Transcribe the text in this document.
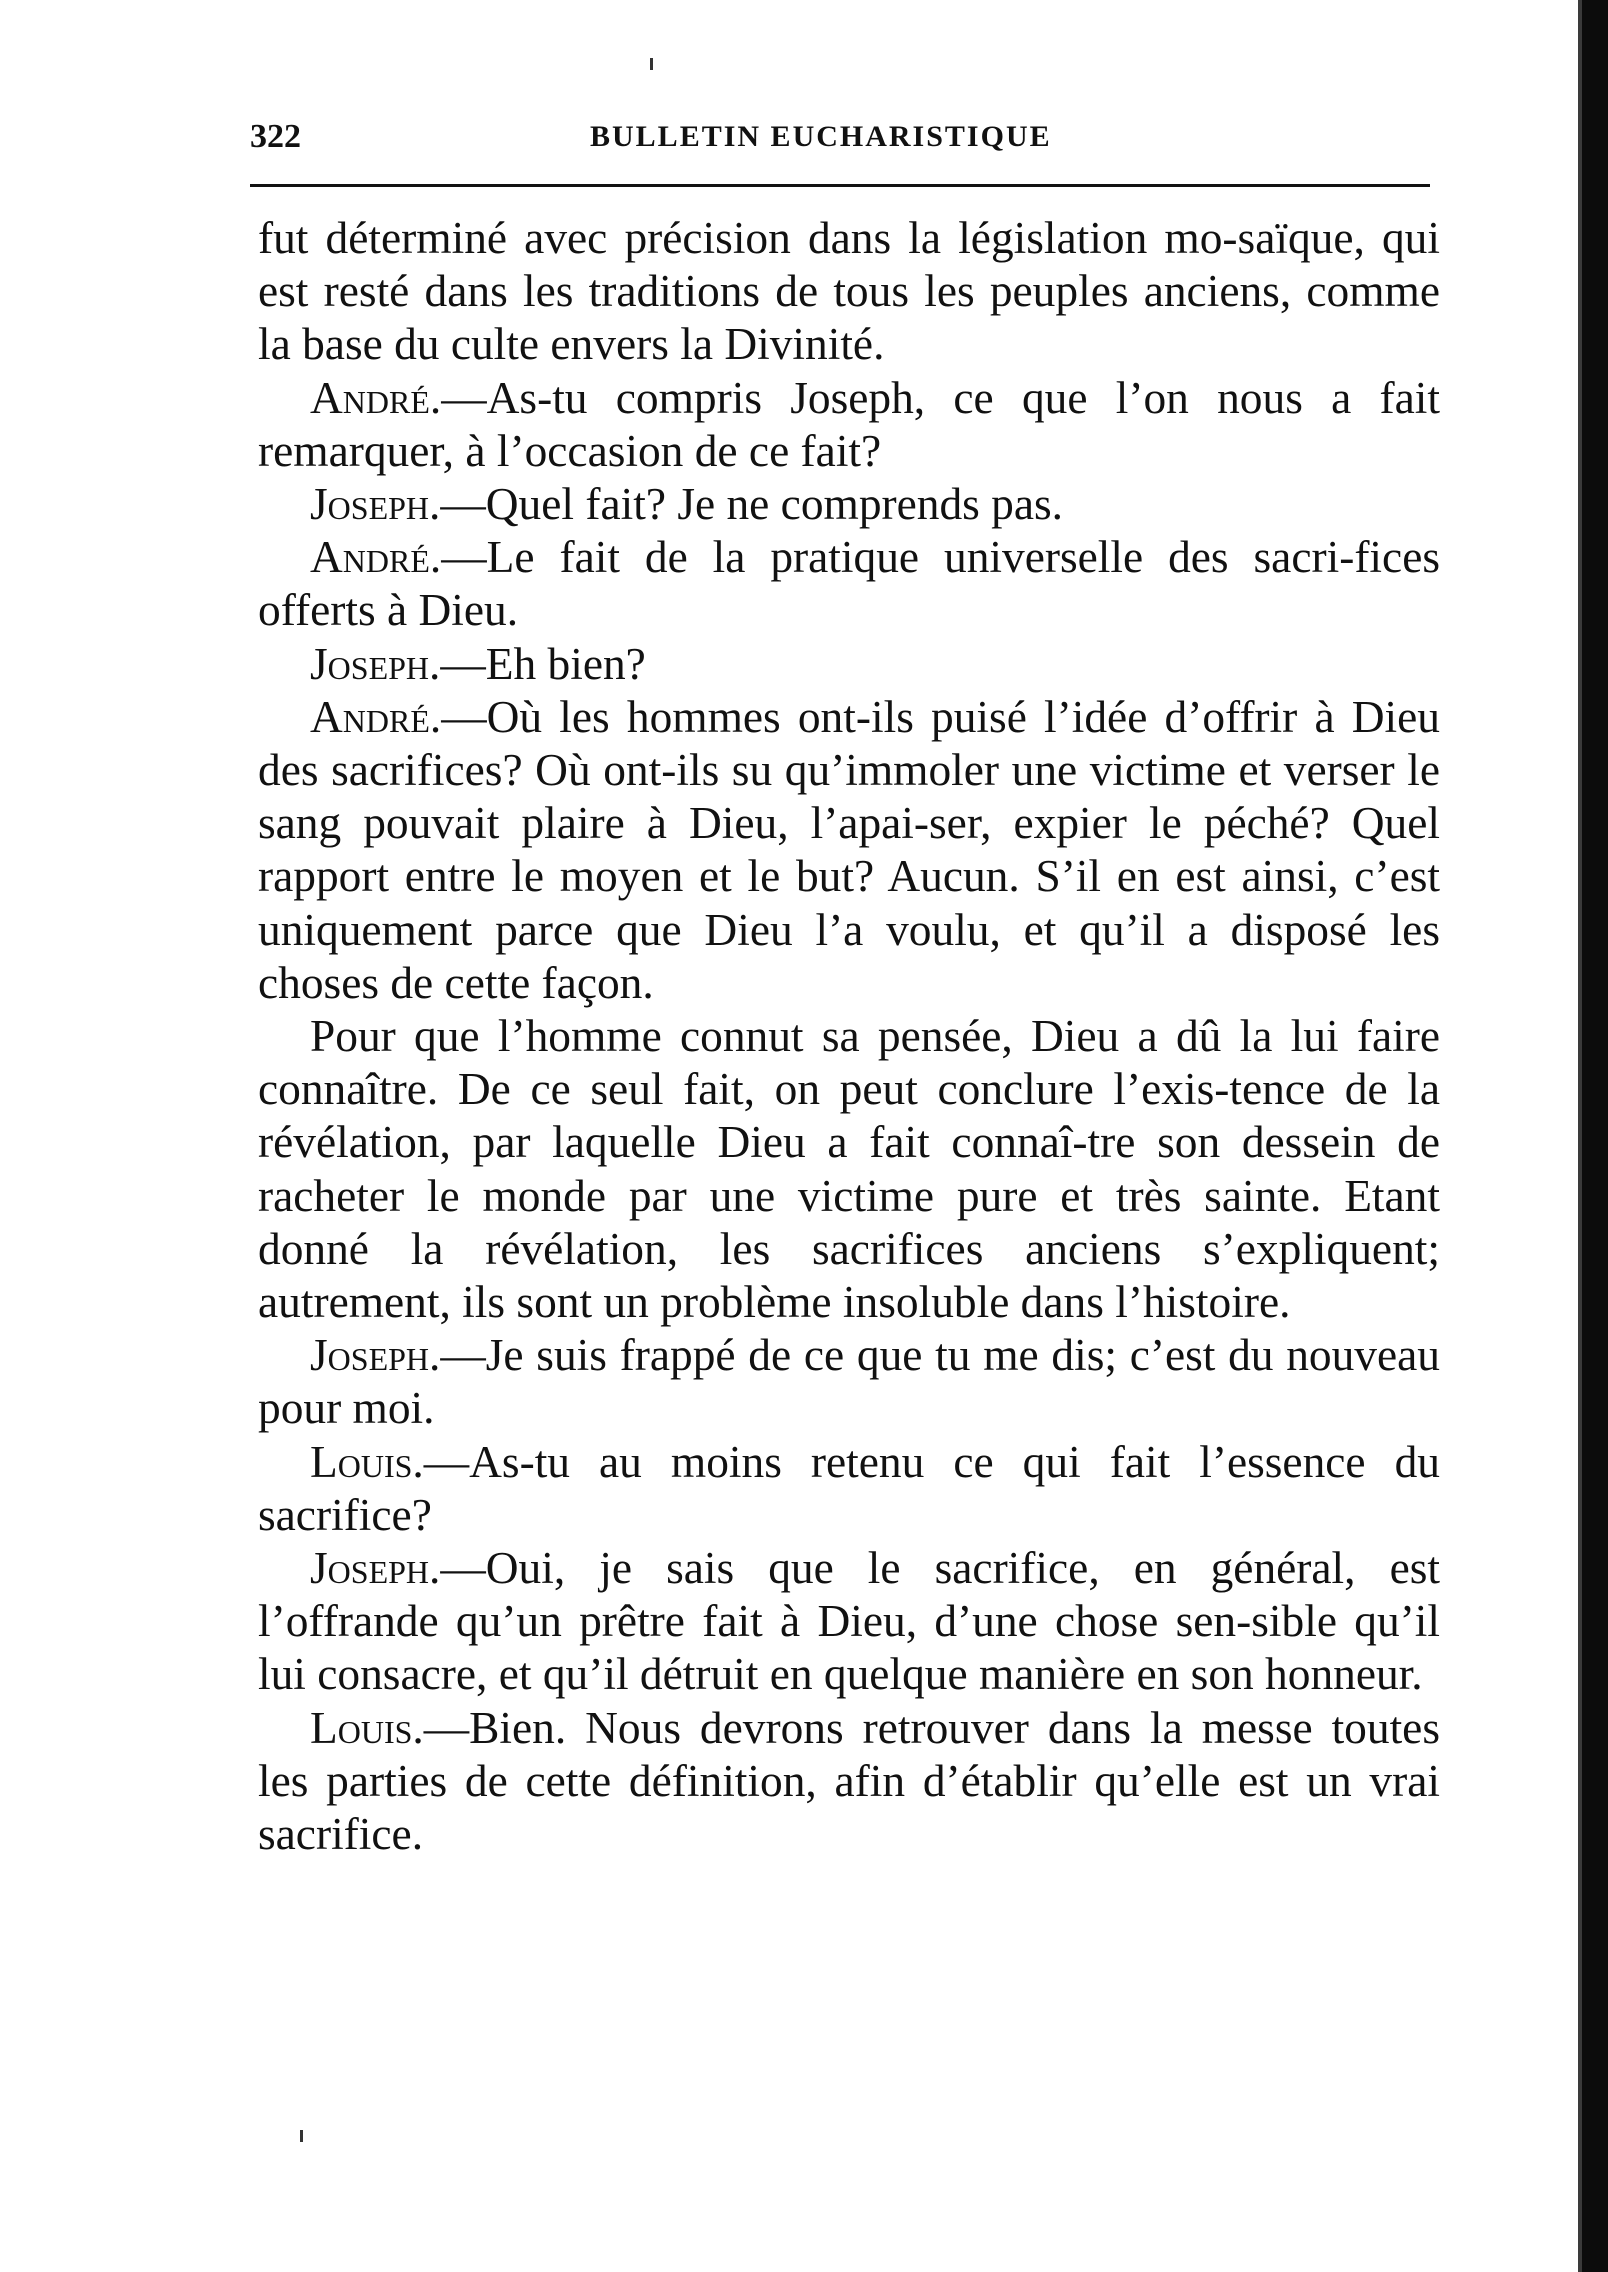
322	BULLETIN EUCHARISTIQUE

fut déterminé avec précision dans la législation mo-saïque, qui est resté dans les traditions de tous les peuples anciens, comme la base du culte envers la Divinité.

André.—As-tu compris Joseph, ce que l’on nous a fait remarquer, à l’occasion de ce fait?

Joseph.—Quel fait? Je ne comprends pas.

André.—Le fait de la pratique universelle des sacri-fices offerts à Dieu.

Joseph.—Eh bien?

André.—Où les hommes ont-ils puisé l’idée d’offrir à Dieu des sacrifices? Où ont-ils su qu’immoler une victime et verser le sang pouvait plaire à Dieu, l’apai-ser, expier le péché? Quel rapport entre le moyen et le but? Aucun. S’il en est ainsi, c’est uniquement parce que Dieu l’a voulu, et qu’il a disposé les choses de cette façon.

Pour que l’homme connut sa pensée, Dieu a dû la lui faire connaître. De ce seul fait, on peut conclure l’exis-tence de la révélation, par laquelle Dieu a fait connaî-tre son dessein de racheter le monde par une victime pure et très sainte. Etant donné la révélation, les sacrifices anciens s’expliquent; autrement, ils sont un problème insoluble dans l’histoire.

Joseph.—Je suis frappé de ce que tu me dis; c’est du nouveau pour moi.

Louis.—As-tu au moins retenu ce qui fait l’essence du sacrifice?

Joseph.—Oui, je sais que le sacrifice, en général, est l’offrande qu’un prêtre fait à Dieu, d’une chose sen-sible qu’il lui consacre, et qu’il détruit en quelque manière en son honneur.

Louis.—Bien. Nous devrons retrouver dans la messe toutes les parties de cette définition, afin d’établir qu’elle est un vrai sacrifice.
